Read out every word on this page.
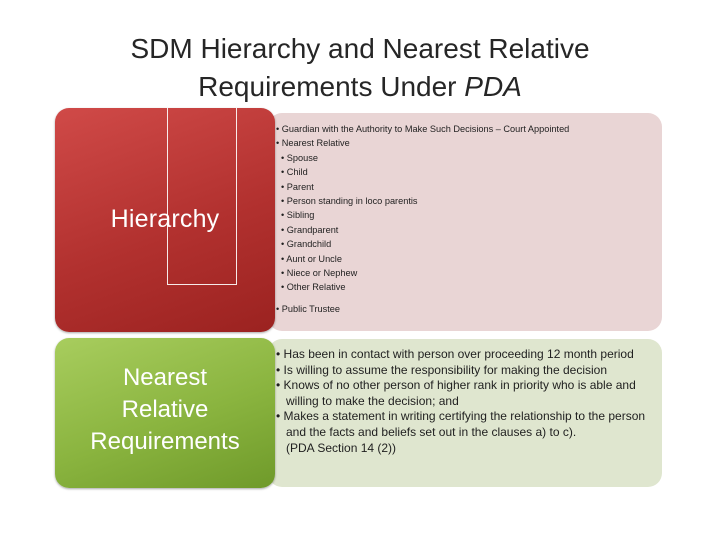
SDM Hierarchy and Nearest Relative
Requirements Under PDA
• Guardian with the Authority to Make Such Decisions – Court Appointed
• Nearest Relative
• Spouse
• Child
• Parent
• Person standing in loco parentis
• Sibling
• Grandparent
• Grandchild
• Aunt or Uncle
• Niece or Nephew
• Other Relative
• Public Trustee
Hierarchy
• Has been in contact with person over proceeding 12 month period
• Is willing to assume the responsibility for making the decision
• Knows of no other person of higher rank in priority who is able and willing to make the decision; and
• Makes a statement in writing certifying the relationship to the person and the facts and beliefs set out in the clauses a) to c).
(PDA Section 14 (2))
Nearest
Relative
Requirements
